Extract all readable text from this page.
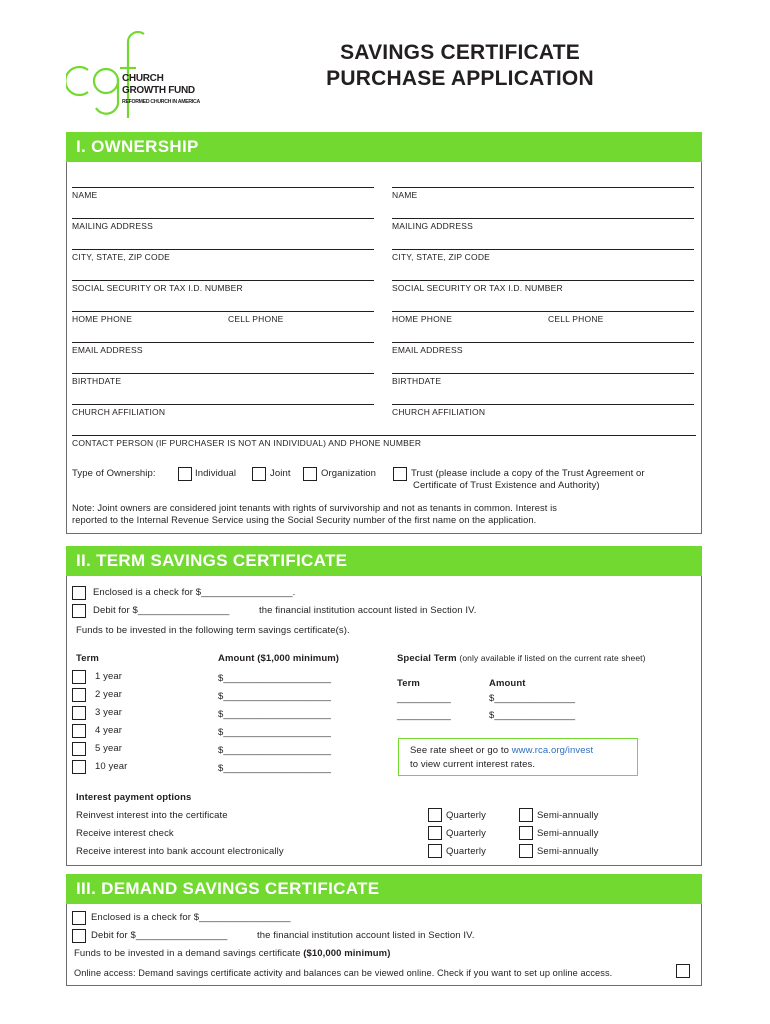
CHURCH
GROWTH FUND
REFORMED CHURCH IN AMERICA
SAVINGS CERTIFICATE
PURCHASE APPLICATION
I. OWNERSHIP
NAME
MAILING ADDRESS
CITY, STATE, ZIP CODE
SOCIAL SECURITY OR TAX I.D. NUMBER
HOME PHONE	CELL PHONE
EMAIL ADDRESS
BIRTHDATE
CHURCH AFFILIATION
NAME
MAILING ADDRESS
CITY, STATE, ZIP CODE
SOCIAL SECURITY OR TAX I.D. NUMBER
HOME PHONE	CELL PHONE
EMAIL ADDRESS
BIRTHDATE
CHURCH AFFILIATION
CONTACT PERSON (IF PURCHASER IS NOT AN INDIVIDUAL) AND PHONE NUMBER
Type of Ownership:	Individual	Joint	Organization	Trust (please include a copy of the Trust Agreement or
Certificate of Trust Existence and Authority)
Note: Joint owners are considered joint tenants with rights of survivorship and not as tenants in common. Interest is
reported to the Internal Revenue Service using the Social Security number of the first name on the application.
II. TERM SAVINGS CERTIFICATE
Enclosed is a check for $_________________.
Debit for $_________________	the financial institution account listed in Section IV.
Funds to be invested in the following term savings certificate(s).
Term	Amount ($1,000 minimum)	Special Term (only available if listed on the current rate sheet)
1 year	$____________________
2 year	$____________________
3 year	$____________________
4 year	$____________________
5 year	$____________________
10 year	$____________________
Term	Amount
__________	$_______________
__________	$_______________
See rate sheet or go to www.rca.org/invest
to view current interest rates.
Interest payment options
Reinvest interest into the certificate	Quarterly	Semi-annually
Receive interest check	Quarterly	Semi-annually
Receive interest into bank account electronically	Quarterly	Semi-annually
III. DEMAND SAVINGS CERTIFICATE
Enclosed is a check for $_________________
Debit for $_________________	the financial institution account listed in Section IV.
Funds to be invested in a demand savings certificate ($10,000 minimum)
Online access: Demand savings certificate activity and balances can be viewed online. Check if you want to set up online access.
